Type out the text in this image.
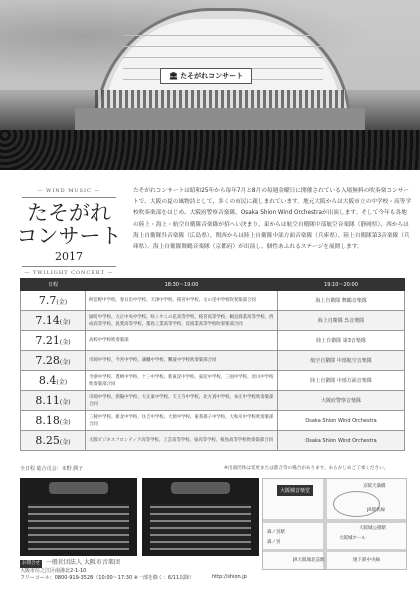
🏛 たそがれコンサート
— WIND MUSIC —
たそがれ
コンサート
2017
— TWILIGHT CONCERT —
たそがれコンサートは昭和25年から毎年7月と8月の毎週金曜日に開催されている入場無料の吹奏楽コンサートで、大阪の夏の風物詩として、多くの市民に親しまれています。地元大阪からは大阪市立の中学校・高等学校吹奏楽部をはじめ、大阪府警察音楽隊、Osaka Shion Wind Orchestraが出演します。そして今年も各地の陸上・海上・航空自衛隊音楽隊が招へい決まり、東からは航空自衛隊中部航空音楽隊（静岡県）、西からは海上自衛隊呉音楽隊（広島県）、関西からは陸上自衛隊中部方面音楽隊（兵庫県）、陸上自衛隊第3音楽隊（兵庫県）、海上自衛隊舞鶴音楽隊（京都府）が出演し、個性あふれるステージを展開します。
日程	18:30〜19:00	19:10〜20:00
7.7(金)	阿倍野中学校、春日出中学校、天津中学校、桜宮中学校、文の里中学校吹奏楽部合同	海上自衛隊 舞鶴音楽隊
7.14(金)	緑町中学校、大正中央中学校、咲くやこの花高等学校、桜宮高等学校、鶴見商業高等学校、西成高等学校、汎愛高等学校、都島工業高等学校、淀商業高等学校吹奏楽部合同	海上自衛隊 呉音楽隊
7.21(金)	高校中学校吹奏楽部	陸上自衛隊 第3音楽隊
7.28(金)	市岡中学校、今宮中学校、蒲幡中学校、難波中学校吹奏楽部合同	航空自衛隊 中部航空音楽隊
8.4(金)	今津中学校、豊崎中学校、十三中学校、新東淀中学校、東淀中学校、三国中学校、淡川中学校吹奏楽部合同	陸上自衛隊 中部方面音楽隊
8.11(金)	市岡中学校、摂陽中学校、大正東中学校、天王寺中学校、北方真中学校、本庄中学校吹奏楽部合同	大阪府警察音楽隊
8.18(金)	三稜中学校、新北中学校、住吉中学校、大領中学校、東我孫子中学校、大和川中学校吹奏楽部合同	Osaka Shion Wind Orchestra
8.25(金)	大阪ビジネスフロンティア高等学校、工芸高等学校、東高等学校、桜島高等学校吹奏楽部合同	Osaka Shion Wind Orchestra
全日程 総合司会：末野 潤子	※出演団体は変更または都合等の場合があります。あらかじめご了承ください。
大阪城音楽堂
森ノ宮駅
大阪城公園駅
JR環状線
大阪城ホール
森ノ宮
京阪天満橋
JR大阪城北詰駅	地下鉄中央線
お問合せ 一般社団法人 大阪市音楽団
大阪市住之江区南港北2-1-10
フリーコール：0800-919-3528（10:00〜17:30 ※一部を除く：6/11以降）	http://shion.jp
